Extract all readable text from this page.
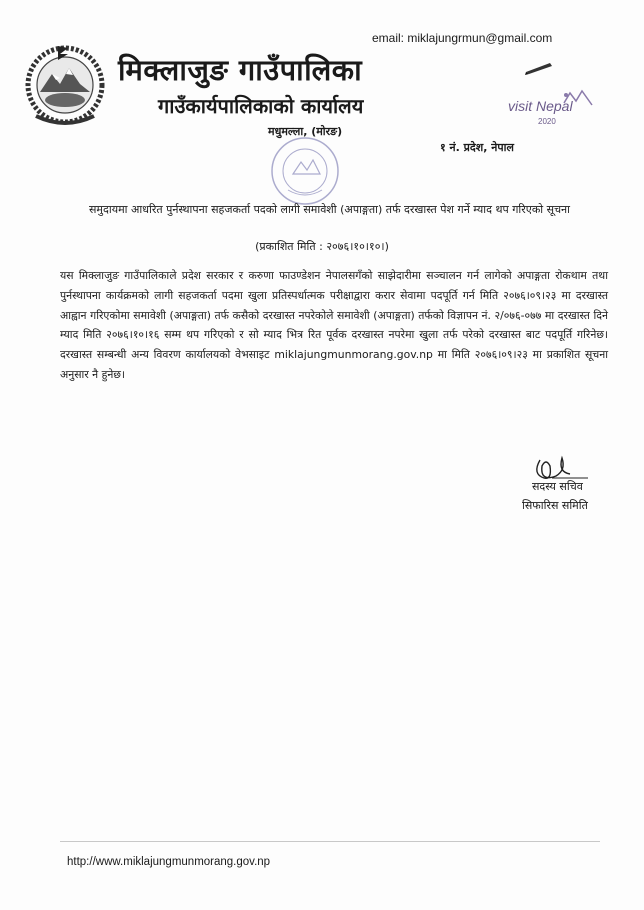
email: miklajungrmun@gmail.com
मिक्लाजुङ गाउँपालिका
गाउँकार्यपालिकाको कार्यालय
मधुमल्ला, (मोरङ)
१ नं. प्रदेश, नेपाल
visit Nepal
2020
समुदायमा आधरित पुर्नस्थापना सहजकर्ता पदको लागी समावेशी (अपाङ्गता) तर्फ दरखास्त पेश गर्ने म्याद थप गरिएको सूचना
(प्रकाशित मिति : २०७६।१०।१०।)
यस मिक्लाजुङ गाउँपालिकाले प्रदेश सरकार र करुणा फाउण्डेशन नेपालसगँको साझेदारीमा सञ्चालन गर्न लागेको अपाङ्गता रोकथाम तथा पुर्नस्थापना कार्यक्रमको लागी सहजकर्ता पदमा खुला प्रतिस्पर्धात्मक परीक्षाद्वारा करार सेवामा पदपूर्ति गर्न मिति २०७६।०९।२३ मा दरखास्त आह्वान गरिएकोमा समावेशी (अपाङ्गता) तर्फ कसैको दरखास्त नपरेकोले समावेशी (अपाङ्गता) तर्फको विज्ञापन नं. २/०७६-०७७ मा दरखास्त दिने म्याद मिति २०७६।१०।१६ सम्म थप गरिएको र सो म्याद भित्र रित पूर्वक दरखास्त नपरेमा खुला तर्फ परेको दरखास्त बाट पदपूर्ति गरिनेछ। दरखास्त सम्बन्धी अन्य विवरण कार्यालयको वेभसाइट miklajungmunmorang.gov.np मा मिति २०७६।०९।२३ मा प्रकाशित सूचना अनुसार नै हुनेछ।
सदस्य सचिव
सिफारिस समिति
http://www.miklajungmunmorang.gov.np
